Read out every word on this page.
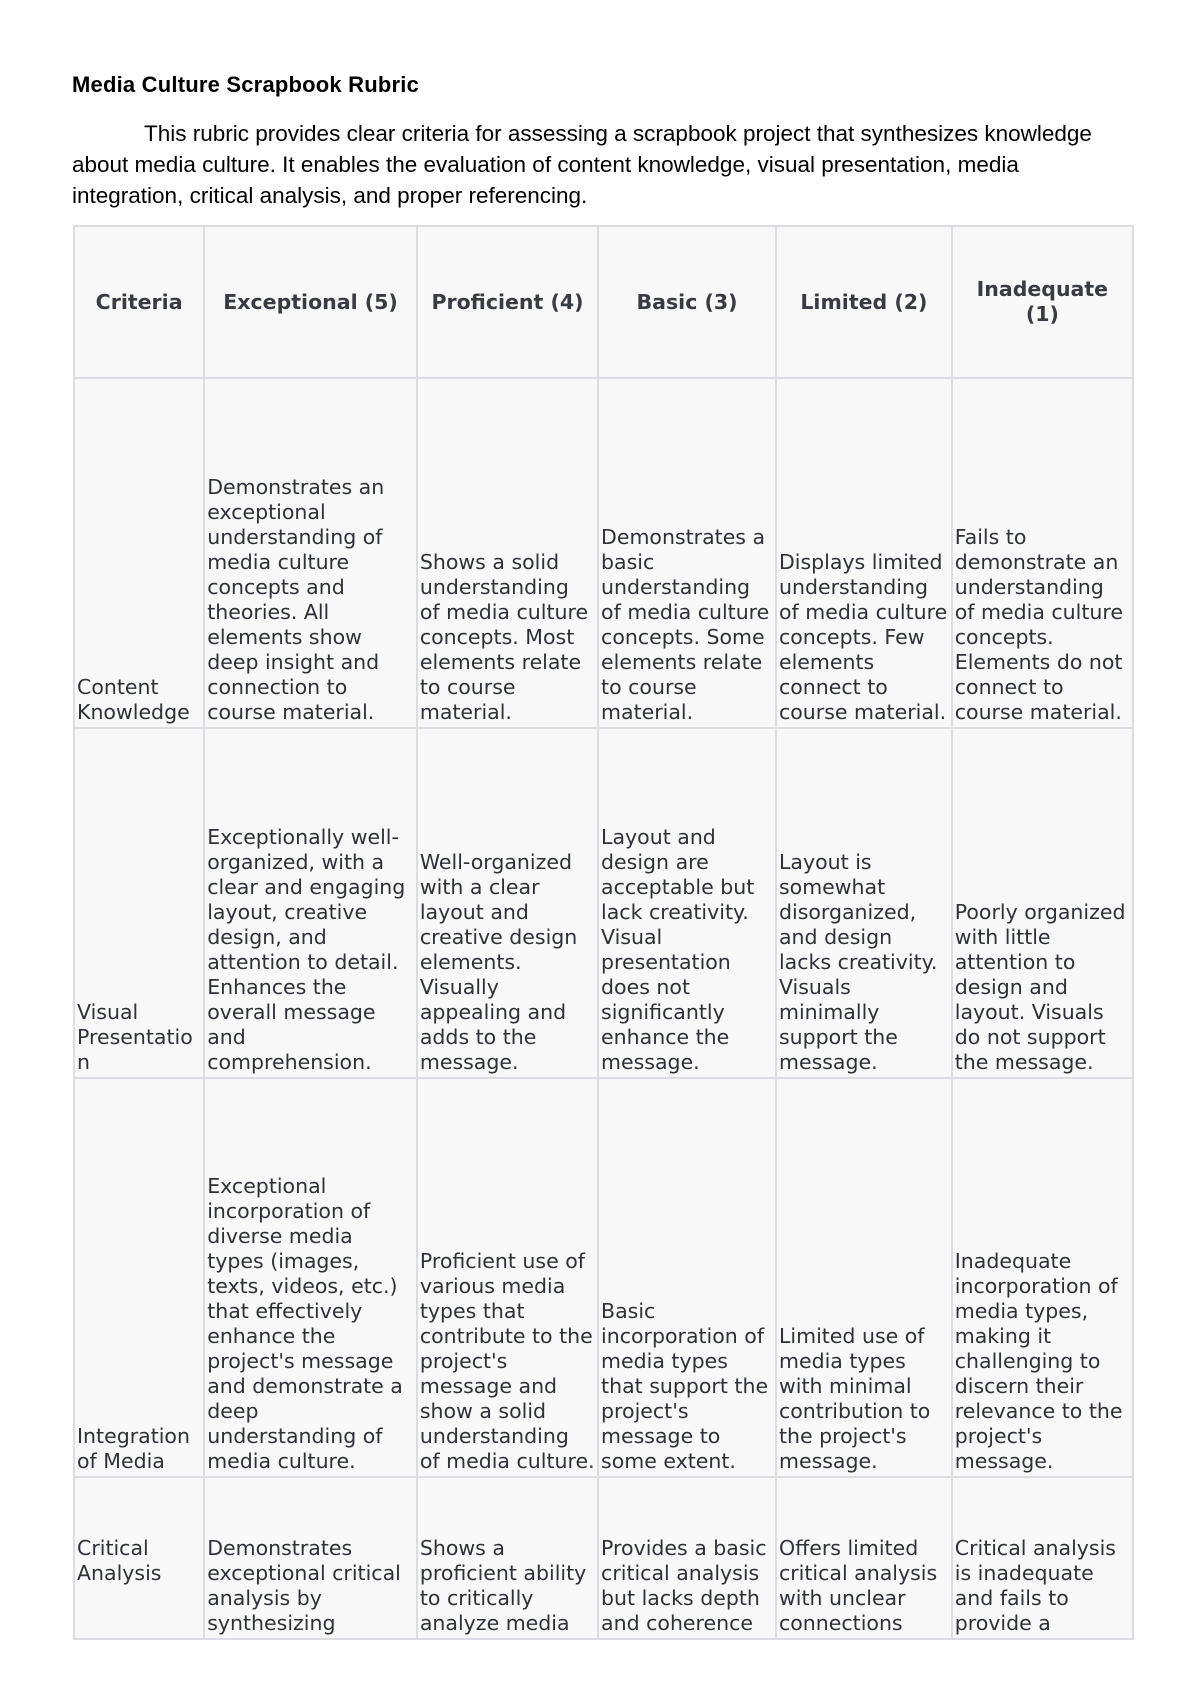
Media Culture Scrapbook Rubric

This rubric provides clear criteria for assessing a scrapbook project that synthesizes knowledge about media culture. It enables the evaluation of content knowledge, visual presentation, media integration, critical analysis, and proper referencing.

Criteria	Exceptional (5)	Proficient (4)	Basic (3)	Limited (2)	Inadequate (1)
Content Knowledge	Demonstrates an exceptional understanding of media culture concepts and theories. All elements show deep insight and connection to course material.	Shows a solid understanding of media culture concepts. Most elements relate to course material.	Demonstrates a basic understanding of media culture concepts. Some elements relate to course material.	Displays limited understanding of media culture concepts. Few elements connect to course material.	Fails to demonstrate an understanding of media culture concepts. Elements do not connect to course material.
Visual Presentation	Exceptionally well-organized, with a clear and engaging layout, creative design, and attention to detail. Enhances the overall message and comprehension.	Well-organized with a clear layout and creative design elements. Visually appealing and adds to the message.	Layout and design are acceptable but lack creativity. Visual presentation does not significantly enhance the message.	Layout is somewhat disorganized, and design lacks creativity. Visuals minimally support the message.	Poorly organized with little attention to design and layout. Visuals do not support the message.
Integration of Media	Exceptional incorporation of diverse media types (images, texts, videos, etc.) that effectively enhance the project's message and demonstrate a deep understanding of media culture.	Proficient use of various media types that contribute to the project's message and show a solid understanding of media culture.	Basic incorporation of media types that support the project's message to some extent.	Limited use of media types with minimal contribution to the project's message.	Inadequate incorporation of media types, making it challenging to discern their relevance to the project's message.
Critical Analysis	Demonstrates exceptional critical analysis by synthesizing	Shows a proficient ability to critically analyze media	Provides a basic critical analysis but lacks depth and coherence	Offers limited critical analysis with unclear connections	Critical analysis is inadequate and fails to provide a
